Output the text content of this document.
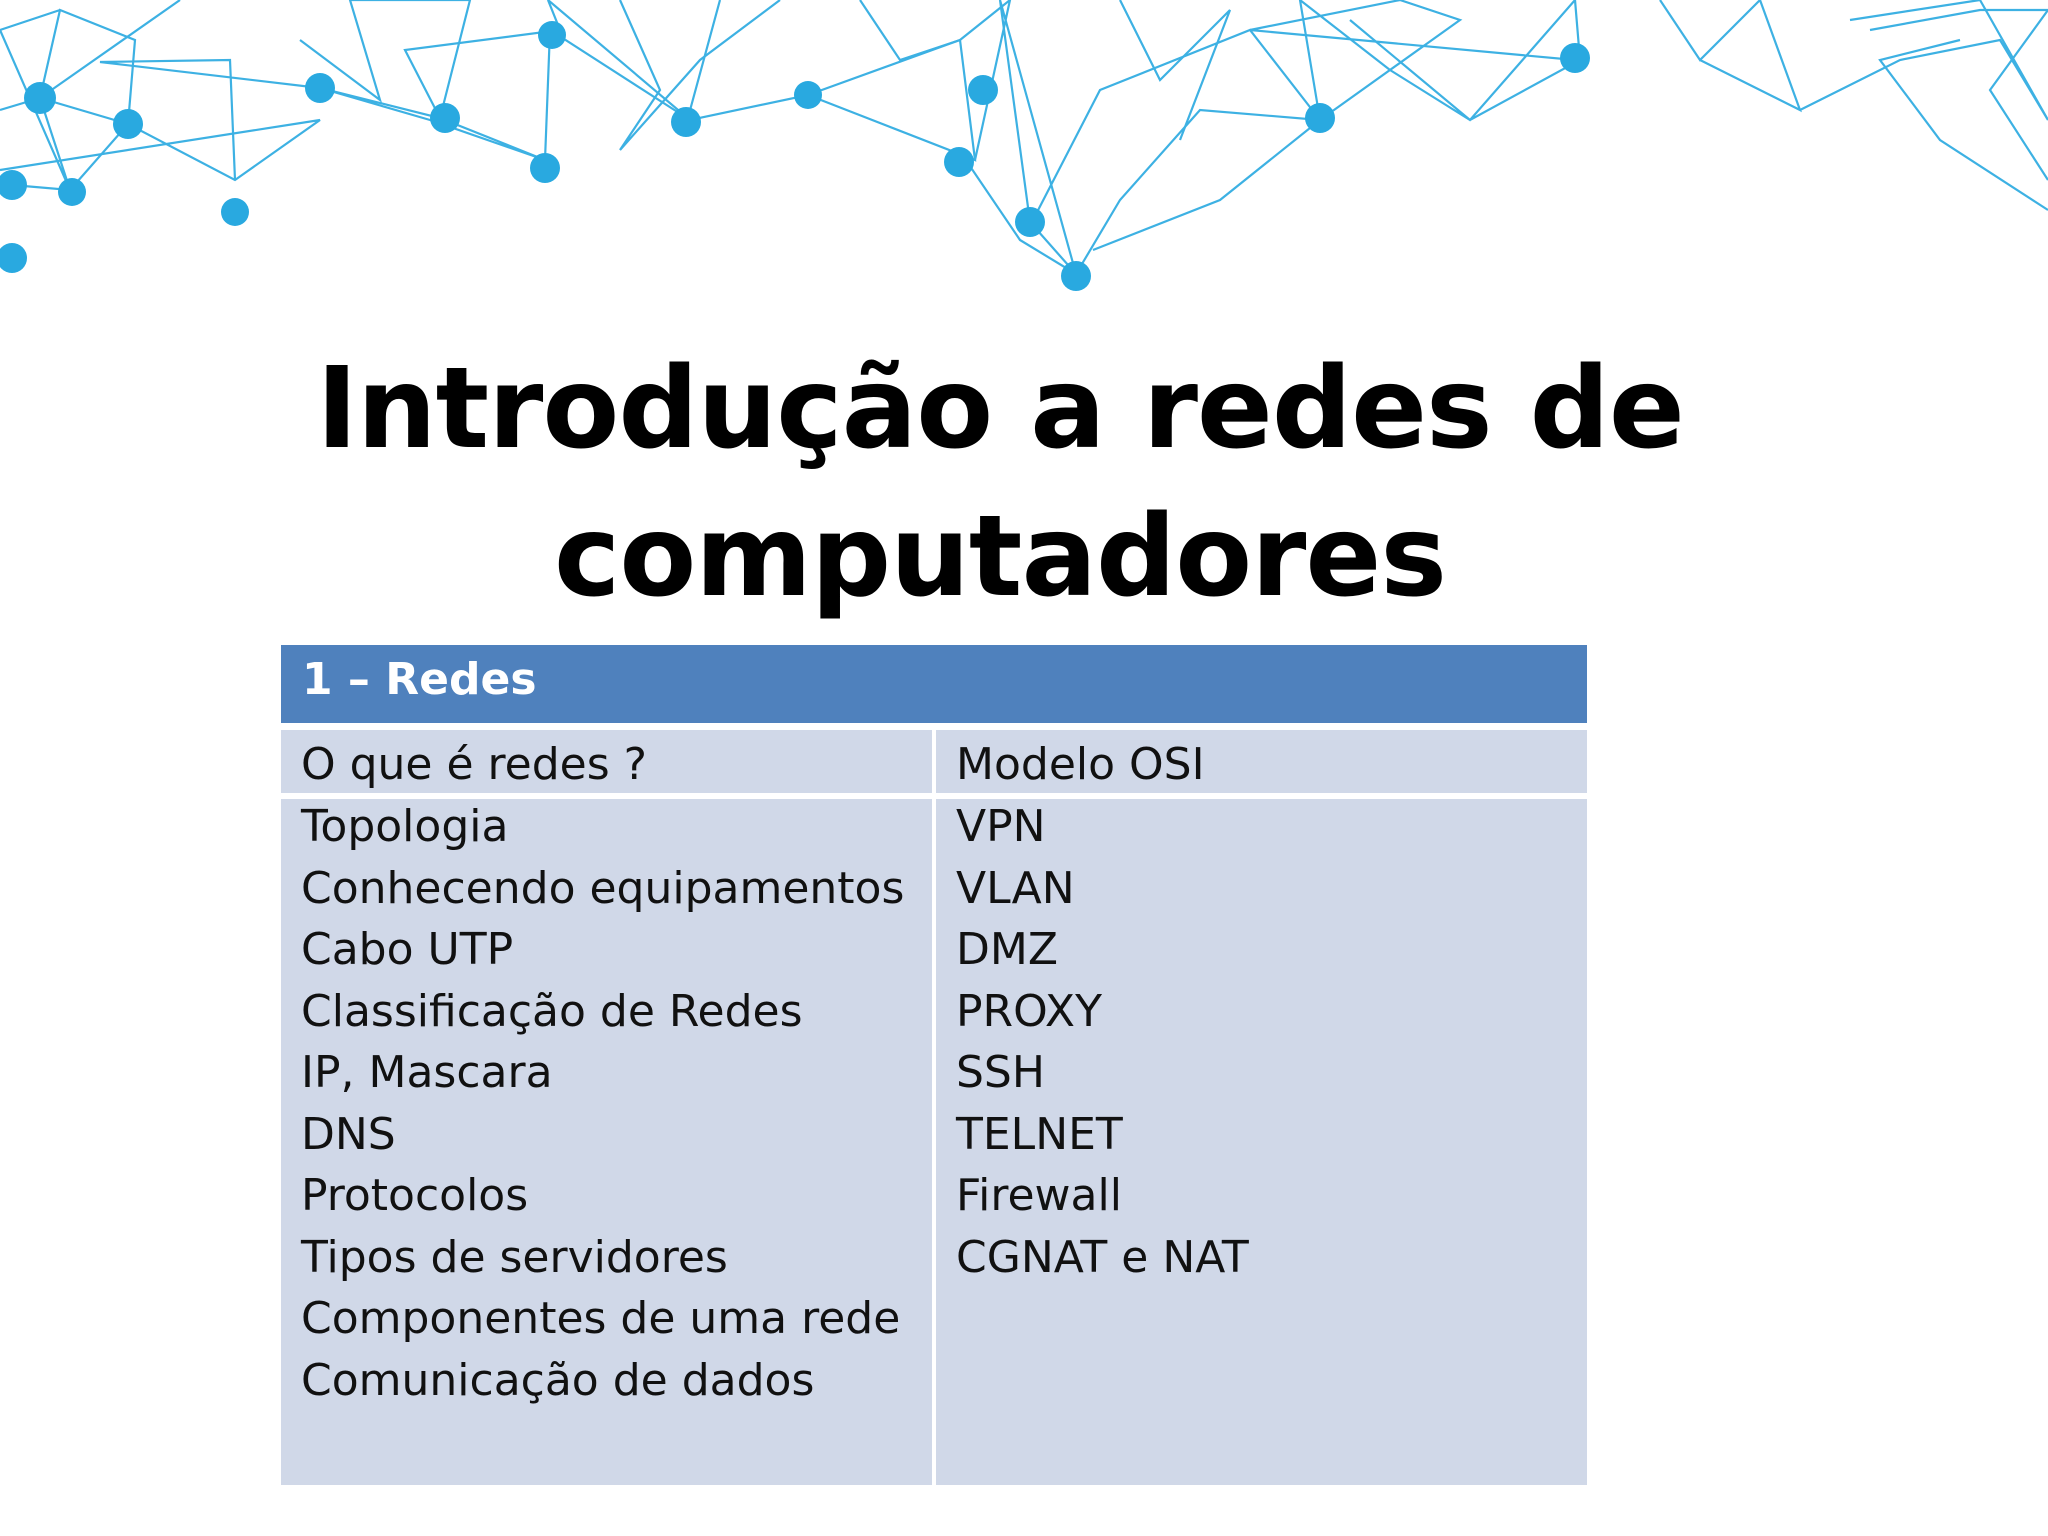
Introdução a redes de
computadores
1 – Redes
O que é redes ?	Modelo OSI
Topologia
Conhecendo equipamentos
Cabo UTP
Classificação de Redes
IP, Mascara
DNS
Protocolos
Tipos de servidores
Componentes de uma rede
Comunicação de dados
VPN
VLAN
DMZ
PROXY
SSH
TELNET
Firewall
CGNAT e NAT
